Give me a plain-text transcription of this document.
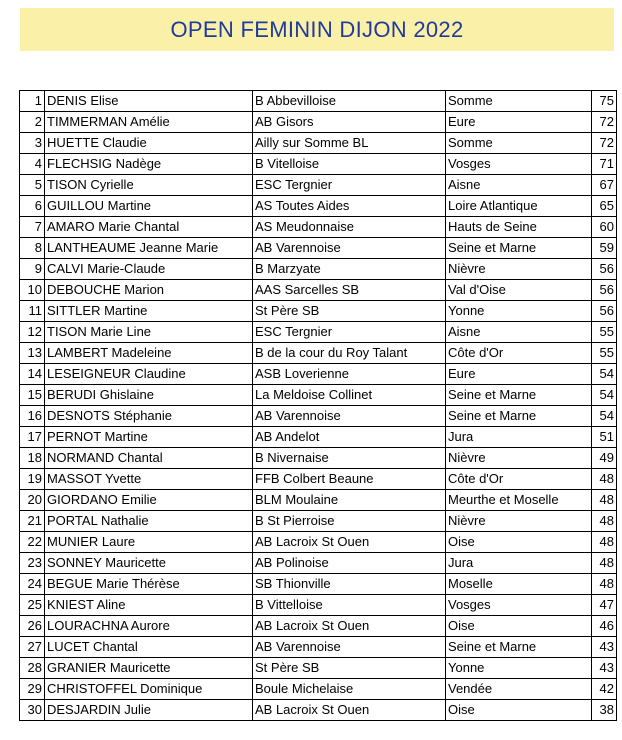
OPEN FEMININ DIJON 2022
1	DENIS Elise	B Abbevilloise	Somme	75
2	TIMMERMAN Amélie	AB Gisors	Eure	72
3	HUETTE Claudie	Ailly sur Somme BL	Somme	72
4	FLECHSIG Nadège	B Vitelloise	Vosges	71
5	TISON Cyrielle	ESC Tergnier	Aisne	67
6	GUILLOU Martine	AS Toutes Aides	Loire Atlantique	65
7	AMARO Marie Chantal	AS Meudonnaise	Hauts de Seine	60
8	LANTHEAUME Jeanne Marie	AB Varennoise	Seine et Marne	59
9	CALVI Marie-Claude	B Marzyate	Nièvre	56
10	DEBOUCHE Marion	AAS Sarcelles SB	Val d'Oise	56
11	SITTLER Martine	St Père SB	Yonne	56
12	TISON Marie Line	ESC Tergnier	Aisne	55
13	LAMBERT Madeleine	B de la cour du Roy Talant	Côte d'Or	55
14	LESEIGNEUR Claudine	ASB Loverienne	Eure	54
15	BERUDI Ghislaine	La Meldoise Collinet	Seine et Marne	54
16	DESNOTS Stéphanie	AB Varennoise	Seine et Marne	54
17	PERNOT Martine	AB Andelot	Jura	51
18	NORMAND Chantal	B Nivernaise	Nièvre	49
19	MASSOT Yvette	FFB Colbert Beaune	Côte d'Or	48
20	GIORDANO Emilie	BLM Moulaine	Meurthe et Moselle	48
21	PORTAL Nathalie	B St Pierroise	Nièvre	48
22	MUNIER Laure	AB Lacroix St Ouen	Oise	48
23	SONNEY Mauricette	AB Polinoise	Jura	48
24	BEGUE Marie Thérèse	SB Thionville	Moselle	48
25	KNIEST Aline	B Vittelloise	Vosges	47
26	LOURACHNA Aurore	AB Lacroix St Ouen	Oise	46
27	LUCET Chantal	AB Varennoise	Seine et Marne	43
28	GRANIER Mauricette	St Père SB	Yonne	43
29	CHRISTOFFEL Dominique	Boule Michelaise	Vendée	42
30	DESJARDIN Julie	AB Lacroix St Ouen	Oise	38
